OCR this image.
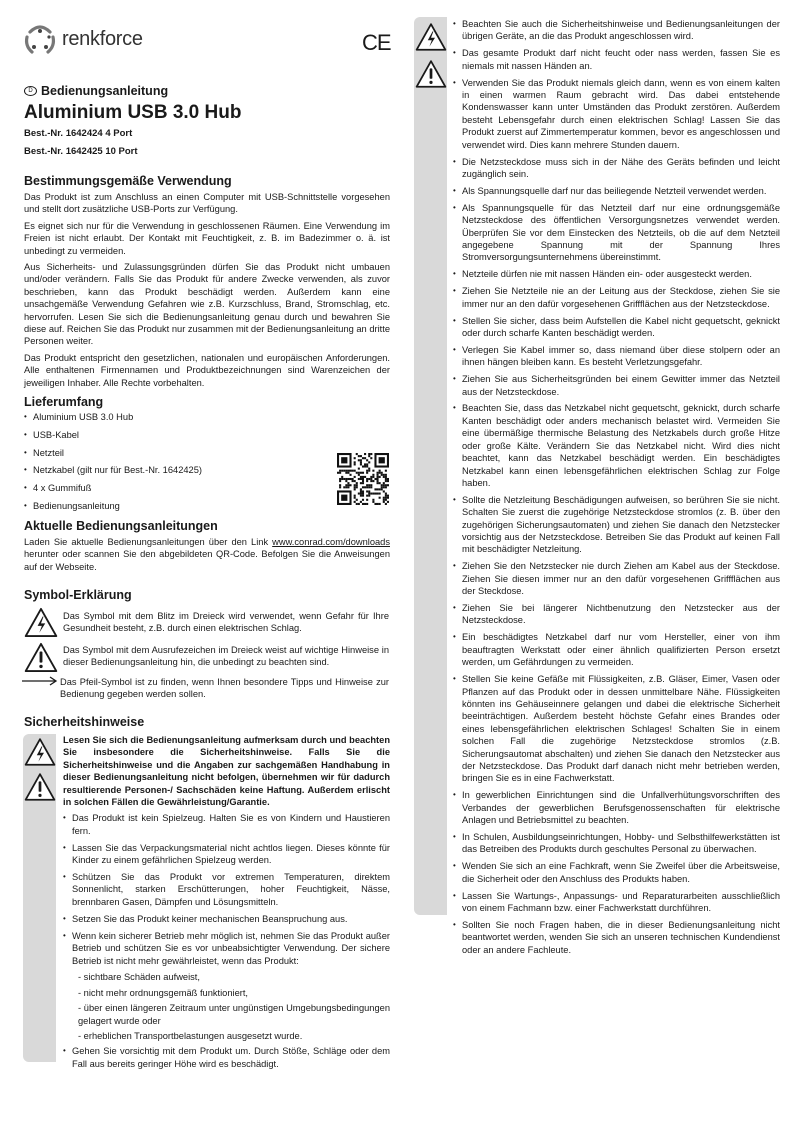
renkforce	CE
D Bedienungsanleitung
Aluminium USB 3.0 Hub
Best.-Nr. 1642424 4 Port
Best.-Nr. 1642425 10 Port
Bestimmungsgemäße Verwendung

Das Produkt ist zum Anschluss an einen Computer mit USB-Schnittstelle vorgesehen und stellt dort zusätzliche USB-Ports zur Verfügung.

Es eignet sich nur für die Verwendung in geschlossenen Räumen. Eine Verwendung im Freien ist nicht erlaubt. Der Kontakt mit Feuchtigkeit, z. B. im Badezimmer o. ä. ist unbedingt zu vermeiden.

Aus Sicherheits- und Zulassungsgründen dürfen Sie das Produkt nicht umbauen und/oder verändern. Falls Sie das Produkt für andere Zwecke verwenden, als zuvor beschrieben, kann das Produkt beschädigt werden. Außerdem kann eine unsachgemäße Verwendung Gefahren wie z.B. Kurzschluss, Brand, Stromschlag, etc. hervorrufen. Lesen Sie sich die Bedienungsanleitung genau durch und bewahren Sie diese auf. Reichen Sie das Produkt nur zusammen mit der Bedienungsanleitung an dritte Personen weiter.

Das Produkt entspricht den gesetzlichen, nationalen und europäischen Anforderungen. Alle enthaltenen Firmennamen und Produktbezeichnungen sind Warenzeichen der jeweiligen Inhaber. Alle Rechte vorbehalten.

Lieferumfang
• Aluminium USB 3.0 Hub
• USB-Kabel
• Netzteil
• Netzkabel (gilt nur für Best.-Nr. 1642425)
• 4 x Gummifuß
• Bedienungsanleitung
Aktuelle Bedienungsanleitungen

Laden Sie aktuelle Bedienungsanleitungen über den Link www.conrad.com/downloads herunter oder scannen Sie den abgebildeten QR-Code. Befolgen Sie die Anweisungen auf der Webseite.

Symbol-Erklärung

Das Symbol mit dem Blitz im Dreieck wird verwendet, wenn Gefahr für Ihre Gesundheit besteht, z.B. durch einen elektrischen Schlag.

Das Symbol mit dem Ausrufezeichen im Dreieck weist auf wichtige Hinweise in dieser Bedienungsanleitung hin, die unbedingt zu beachten sind.

Das Pfeil-Symbol ist zu finden, wenn Ihnen besondere Tipps und Hinweise zur Bedienung gegeben werden sollen.

Sicherheitshinweise

Lesen Sie sich die Bedienungsanleitung aufmerksam durch und beachten Sie insbesondere die Sicherheitshinweise. Falls Sie die Sicherheitshinweise und die Angaben zur sachgemäßen Handhabung in dieser Bedienungsanleitung nicht befolgen, übernehmen wir für dadurch resultierende Personen-/ Sachschäden keine Haftung. Außerdem erlischt in solchen Fällen die Gewährleistung/Garantie.

• Das Produkt ist kein Spielzeug. Halten Sie es von Kindern und Haustieren fern.
• Lassen Sie das Verpackungsmaterial nicht achtlos liegen. Dieses könnte für Kinder zu einem gefährlichen Spielzeug werden.
• Schützen Sie das Produkt vor extremen Temperaturen, direktem Sonnenlicht, starken Erschütterungen, hoher Feuchtigkeit, Nässe, brennbaren Gasen, Dämpfen und Lösungsmitteln.
• Setzen Sie das Produkt keiner mechanischen Beanspruchung aus.
• Wenn kein sicherer Betrieb mehr möglich ist, nehmen Sie das Produkt außer Betrieb und schützen Sie es vor unbeabsichtigter Verwendung. Der sichere Betrieb ist nicht mehr gewährleistet, wenn das Produkt:
- sichtbare Schäden aufweist,
- nicht mehr ordnungsgemäß funktioniert,
- über einen längeren Zeitraum unter ungünstigen Umgebungsbedingungen gelagert wurde oder
- erheblichen Transportbelastungen ausgesetzt wurde.
• Gehen Sie vorsichtig mit dem Produkt um. Durch Stöße, Schläge oder dem Fall aus bereits geringer Höhe wird es beschädigt.
• Beachten Sie auch die Sicherheitshinweise und Bedienungsanleitungen der übrigen Geräte, an die das Produkt angeschlossen wird.
• Das gesamte Produkt darf nicht feucht oder nass werden, fassen Sie es niemals mit nassen Händen an.
• Verwenden Sie das Produkt niemals gleich dann, wenn es von einem kalten in einen warmen Raum gebracht wird. Das dabei entstehende Kondenswasser kann unter Umständen das Produkt zerstören. Außerdem besteht Lebensgefahr durch einen elektrischen Schlag! Lassen Sie das Produkt zuerst auf Zimmertemperatur kommen, bevor es angeschlossen und verwendet wird. Dies kann mehrere Stunden dauern.
• Die Netzsteckdose muss sich in der Nähe des Geräts befinden und leicht zugänglich sein.
• Als Spannungsquelle darf nur das beiliegende Netzteil verwendet werden.
• Als Spannungsquelle für das Netzteil darf nur eine ordnungsgemäße Netzsteckdose des öffentlichen Versorgungsnetzes verwendet werden. Überprüfen Sie vor dem Einstecken des Netzteils, ob die auf dem Netzteil angegebene Spannung mit der Spannung Ihres Stromversorgungsunternehmens übereinstimmt.
• Netzteile dürfen nie mit nassen Händen ein- oder ausgesteckt werden.
• Ziehen Sie Netzteile nie an der Leitung aus der Steckdose, ziehen Sie sie immer nur an den dafür vorgesehenen Griffflächen aus der Netzsteckdose.
• Stellen Sie sicher, dass beim Aufstellen die Kabel nicht gequetscht, geknickt oder durch scharfe Kanten beschädigt werden.
• Verlegen Sie Kabel immer so, dass niemand über diese stolpern oder an ihnen hängen bleiben kann. Es besteht Verletzungsgefahr.
• Ziehen Sie aus Sicherheitsgründen bei einem Gewitter immer das Netzteil aus der Netzsteckdose.
• Beachten Sie, dass das Netzkabel nicht gequetscht, geknickt, durch scharfe Kanten beschädigt oder anders mechanisch belastet wird. Vermeiden Sie eine übermäßige thermische Belastung des Netzkabels durch große Hitze oder große Kälte. Verändern Sie das Netzkabel nicht. Wird dies nicht beachtet, kann das Netzkabel beschädigt werden. Ein beschädigtes Netzkabel kann einen lebensgefährlichen elektrischen Schlag zur Folge haben.
• Sollte die Netzleitung Beschädigungen aufweisen, so berühren Sie sie nicht. Schalten Sie zuerst die zugehörige Netzsteckdose stromlos (z. B. über den zugehörigen Sicherungsautomaten) und ziehen Sie danach den Netzstecker vorsichtig aus der Netzsteckdose. Betreiben Sie das Produkt auf keinen Fall mit beschädigter Netzleitung.
• Ziehen Sie den Netzstecker nie durch Ziehen am Kabel aus der Steckdose. Ziehen Sie diesen immer nur an den dafür vorgesehenen Griffflächen aus der Steckdose.
• Ziehen Sie bei längerer Nichtbenutzung den Netzstecker aus der Netzsteckdose.
• Ein beschädigtes Netzkabel darf nur vom Hersteller, einer von ihm beauftragten Werkstatt oder einer ähnlich qualifizierten Person ersetzt werden, um Gefährdungen zu vermeiden.
• Stellen Sie keine Gefäße mit Flüssigkeiten, z.B. Gläser, Eimer, Vasen oder Pflanzen auf das Produkt oder in dessen unmittelbare Nähe. Flüssigkeiten könnten ins Gehäuseinnere gelangen und dabei die elektrische Sicherheit beeinträchtigen. Außerdem besteht höchste Gefahr eines Brandes oder eines lebensgefährlichen elektrischen Schlages! Schalten Sie in einem solchen Fall die zugehörige Netzsteckdose stromlos (z.B. Sicherungsautomat abschalten) und ziehen Sie danach den Netzstecker aus der Netzsteckdose. Das Produkt darf danach nicht mehr betrieben werden, bringen Sie es in eine Fachwerkstatt.
• In gewerblichen Einrichtungen sind die Unfallverhütungsvorschriften des Verbandes der gewerblichen Berufsgenossenschaften für elektrische Anlagen und Betriebsmittel zu beachten.
• In Schulen, Ausbildungseinrichtungen, Hobby- und Selbsthilfewerkstätten ist das Betreiben des Produkts durch geschultes Personal zu überwachen.
• Wenden Sie sich an eine Fachkraft, wenn Sie Zweifel über die Arbeitsweise, die Sicherheit oder den Anschluss des Produkts haben.
• Lassen Sie Wartungs-, Anpassungs- und Reparaturarbeiten ausschließlich von einem Fachmann bzw. einer Fachwerkstatt durchführen.
• Sollten Sie noch Fragen haben, die in dieser Bedienungsanleitung nicht beantwortet werden, wenden Sie sich an unseren technischen Kundendienst oder an andere Fachleute.
